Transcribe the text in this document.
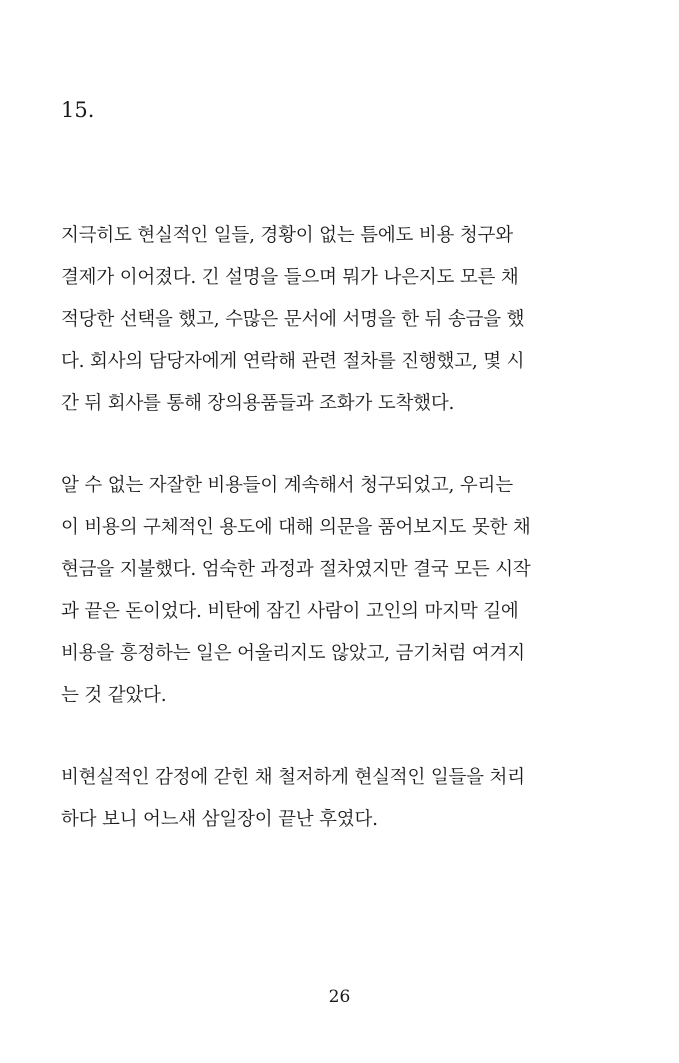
15.

지극히도 현실적인 일들, 경황이 없는 틈에도 비용 청구와
결제가 이어졌다. 긴 설명을 들으며 뭐가 나은지도 모른 채
적당한 선택을 했고, 수많은 문서에 서명을 한 뒤 송금을 했
다. 회사의 담당자에게 연락해 관련 절차를 진행했고, 몇 시
간 뒤 회사를 통해 장의용품들과 조화가 도착했다.

알 수 없는 자잘한 비용들이 계속해서 청구되었고, 우리는
이 비용의 구체적인 용도에 대해 의문을 품어보지도 못한 채
현금을 지불했다. 엄숙한 과정과 절차였지만 결국 모든 시작
과 끝은 돈이었다. 비탄에 잠긴 사람이 고인의 마지막 길에
비용을 흥정하는 일은 어울리지도 않았고, 금기처럼 여겨지
는 것 같았다.

비현실적인 감정에 갇힌 채 철저하게 현실적인 일들을 처리
하다 보니 어느새 삼일장이 끝난 후였다.

26
